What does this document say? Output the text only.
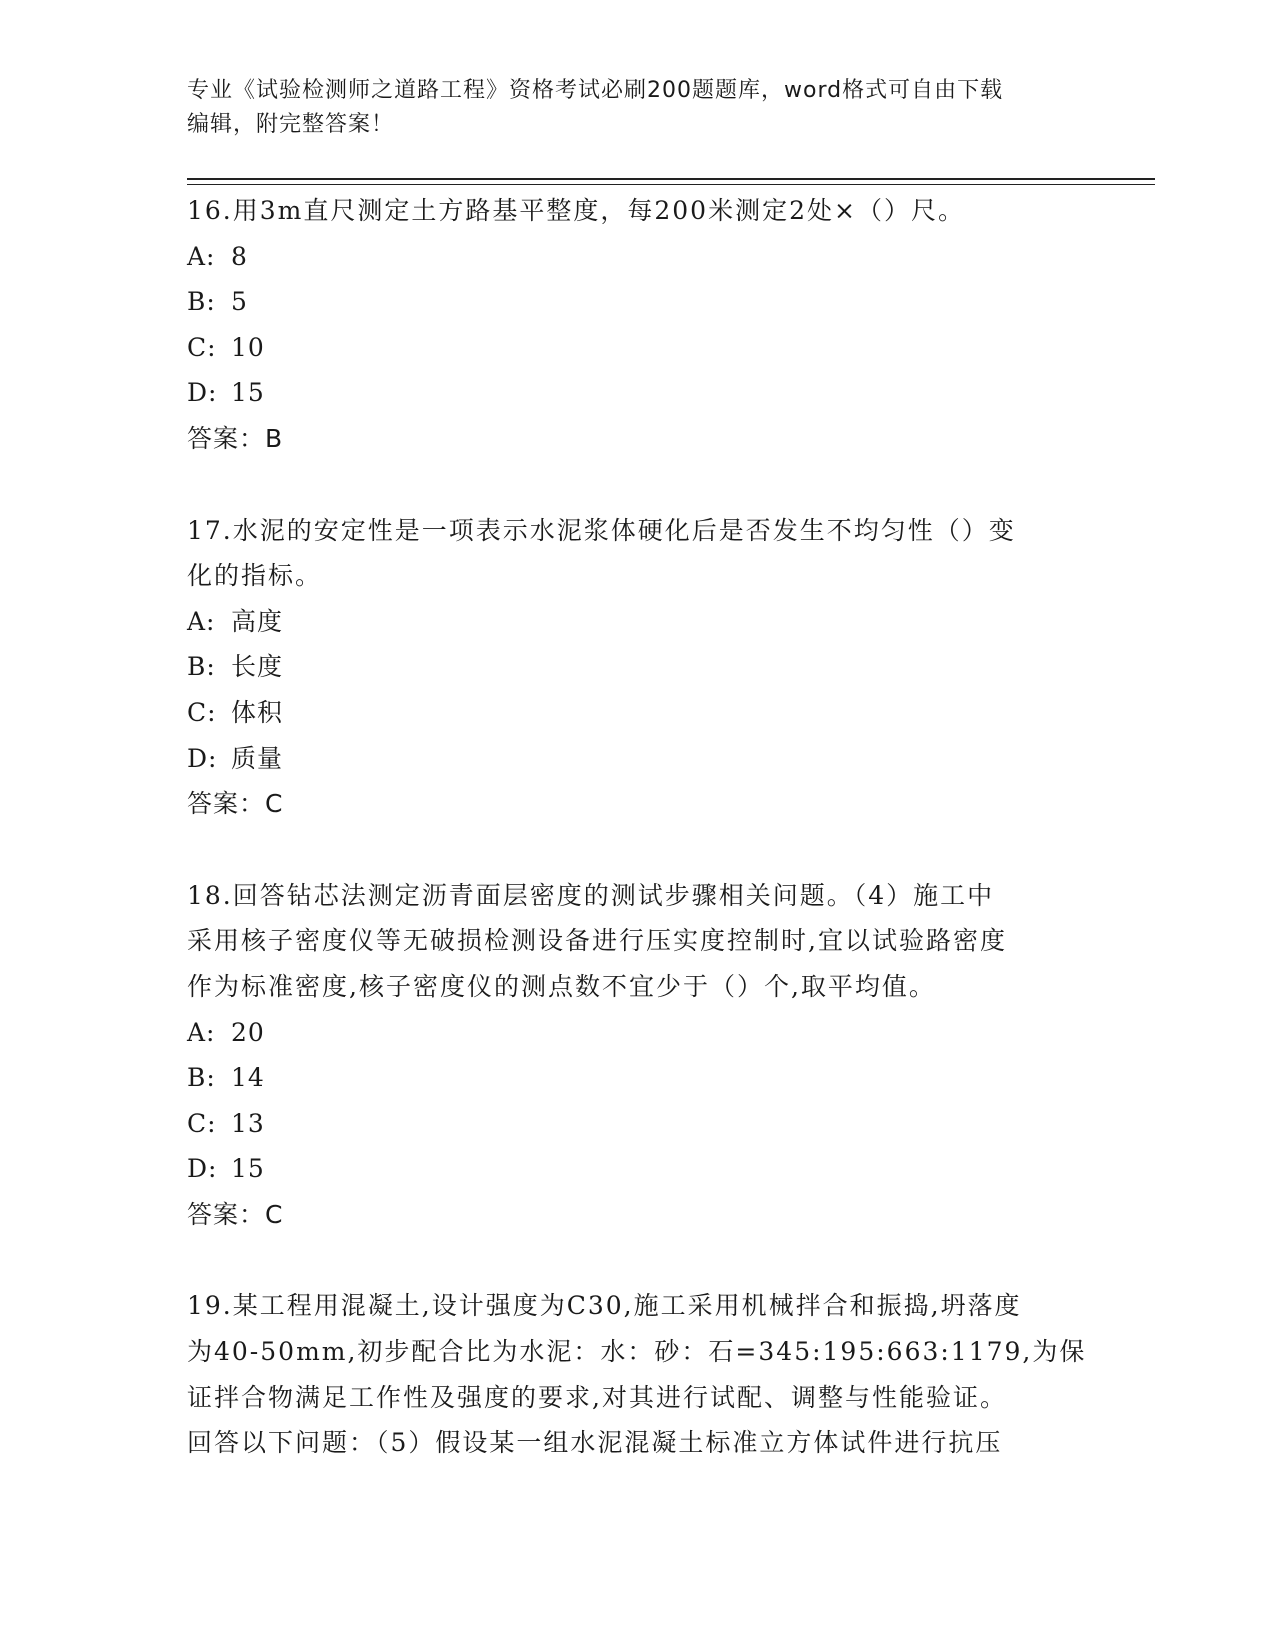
专业《试验检测师之道路工程》资格考试必刷200题题库，word格式可自由下载
编辑，附完整答案！

16.用3m直尺测定土方路基平整度，每200米测定2处×（）尺。

A: 8

B: 5

C: 10

D: 15

答案：B

17.水泥的安定性是一项表示水泥浆体硬化后是否发生不均匀性（）变

化的指标。

A: 高度

B: 长度

C: 体积

D: 质量

答案：C

18.回答钻芯法测定沥青面层密度的测试步骤相关问题。（4）施工中

采用核子密度仪等无破损检测设备进行压实度控制时,宜以试验路密度

作为标准密度,核子密度仪的测点数不宜少于（）个,取平均值。

A: 20

B: 14

C: 13

D: 15

答案：C

19.某工程用混凝土,设计强度为C30,施工采用机械拌合和振捣,坍落度

为40-50mm,初步配合比为水泥：水：砂：石=345:195:663:1179,为保

证拌合物满足工作性及强度的要求,对其进行试配、调整与性能验证。

回答以下问题：（5）假设某一组水泥混凝土标准立方体试件进行抗压
